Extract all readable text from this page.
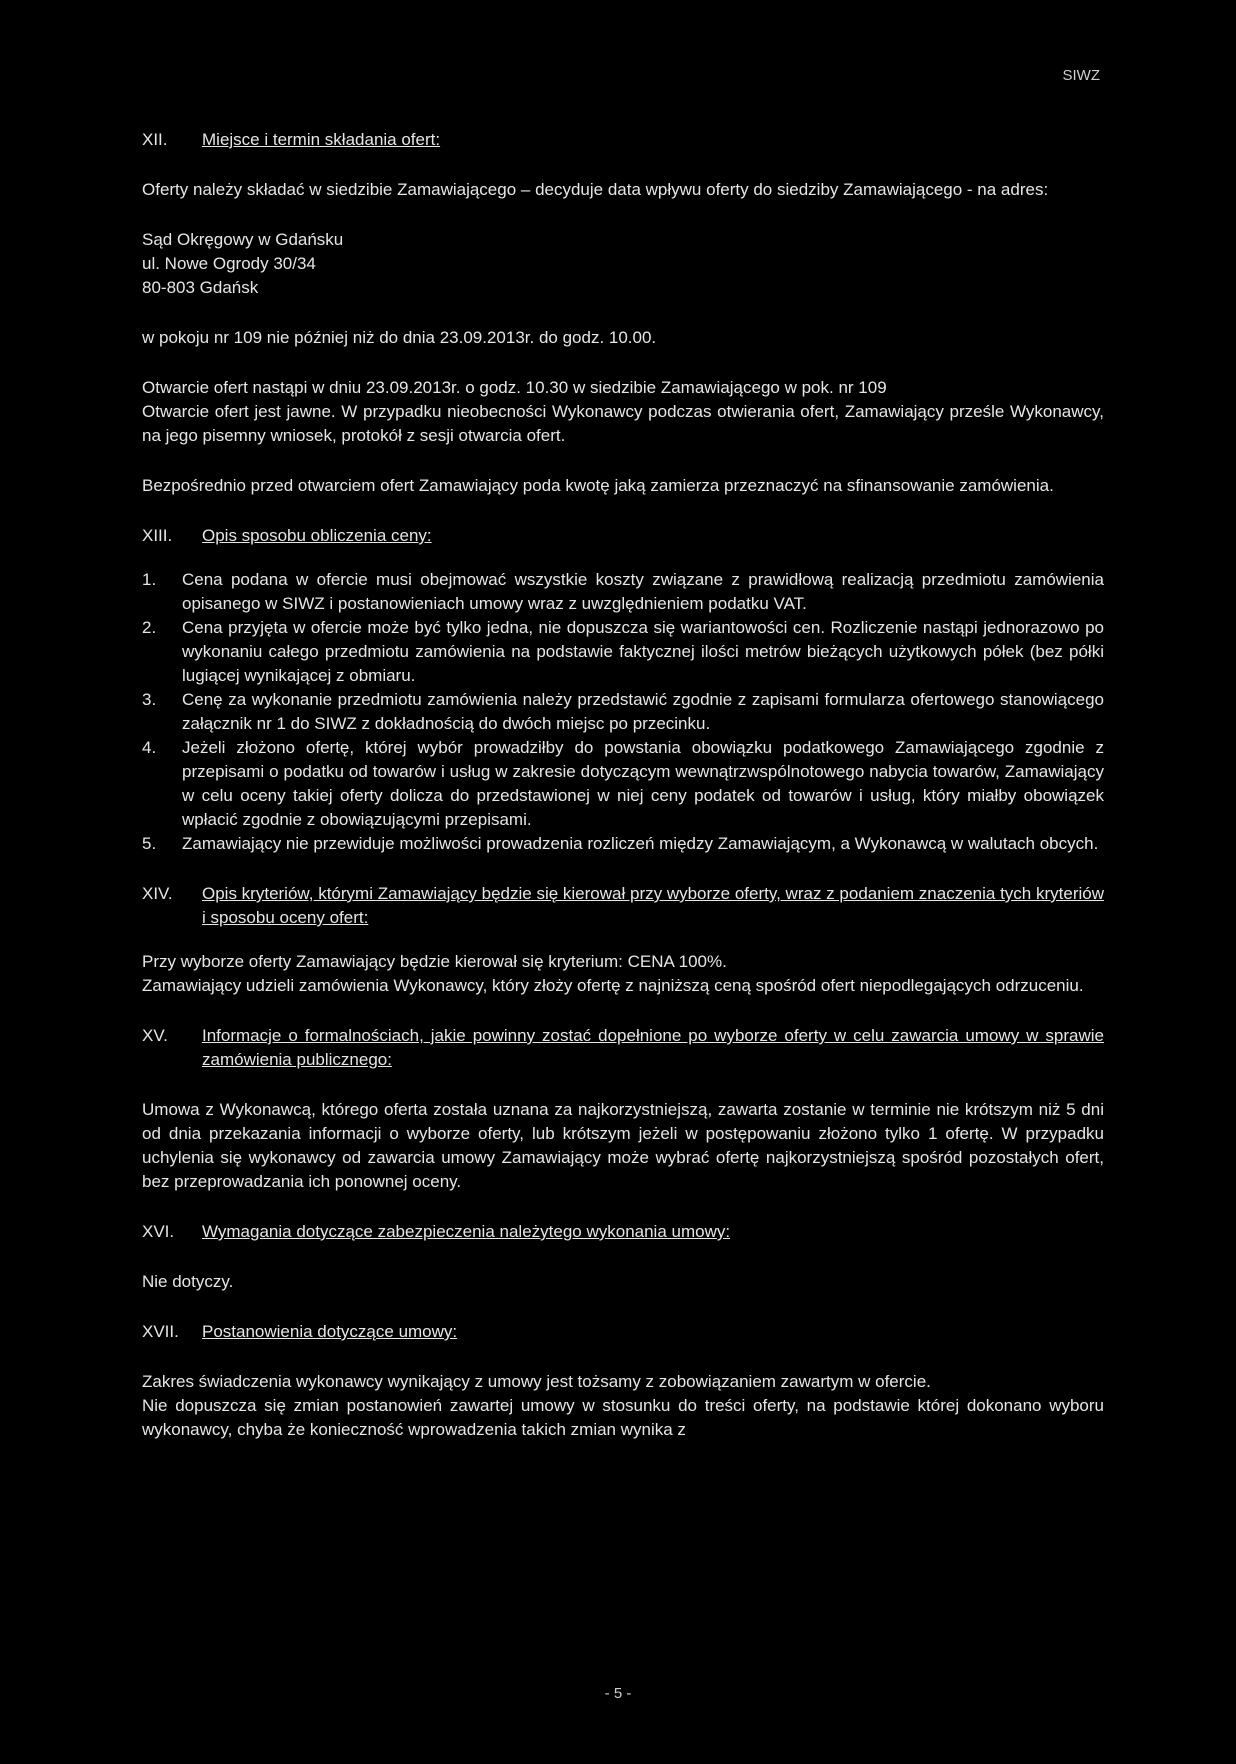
SIWZ
XII.	Miejsce i termin składania ofert:

Oferty należy składać w siedzibie Zamawiającego – decyduje data wpływu oferty do siedziby Zamawiającego - na adres:

Sąd Okręgowy w Gdańsku

ul. Nowe Ogrody 30/34

80-803 Gdańsk

w pokoju nr 109 nie później niż do dnia 23.09.2013r. do godz. 10.00.

Otwarcie ofert nastąpi w dniu 23.09.2013r. o godz. 10.30 w siedzibie Zamawiającego w pok. nr 109

Otwarcie ofert jest jawne. W przypadku nieobecności Wykonawcy podczas otwierania ofert, Zamawiający prześle Wykonawcy, na jego pisemny wniosek, protokół z sesji otwarcia ofert.

Bezpośrednio przed otwarciem ofert Zamawiający poda kwotę jaką zamierza przeznaczyć na sfinansowanie zamówienia.

XIII.	Opis sposobu obliczenia ceny:
1.	Cena podana w ofercie musi obejmować wszystkie koszty związane z prawidłową realizacją przedmiotu zamówienia opisanego w SIWZ i postanowieniach umowy wraz z uwzględnieniem podatku VAT.
2.	Cena przyjęta w ofercie może być tylko jedna, nie dopuszcza się wariantowości cen. Rozliczenie nastąpi jednorazowo po wykonaniu całego przedmiotu zamówienia na podstawie faktycznej ilości metrów bieżących użytkowych półek (bez półki lugiącej wynikającej z obmiaru.
3.	Cenę za wykonanie przedmiotu zamówienia należy przedstawić zgodnie z zapisami formularza ofertowego stanowiącego załącznik nr 1 do SIWZ z dokładnością do dwóch miejsc po przecinku.
4.	Jeżeli złożono ofertę, której wybór prowadziłby do powstania obowiązku podatkowego Zamawiającego zgodnie z przepisami o podatku od towarów i usług w zakresie dotyczącym wewnątrzwspólnotowego nabycia towarów, Zamawiający w celu oceny takiej oferty dolicza do przedstawionej w niej ceny podatek od towarów i usług, który miałby obowiązek wpłacić zgodnie z obowiązującymi przepisami.
5.	Zamawiający nie przewiduje możliwości prowadzenia rozliczeń między Zamawiającym, a Wykonawcą w walutach obcych.
XIV.	Opis kryteriów, którymi Zamawiający będzie się kierował przy wyborze oferty, wraz z podaniem znaczenia tych kryteriów i sposobu oceny ofert:

Przy wyborze oferty Zamawiający będzie kierował się kryterium: CENA 100%.

Zamawiający udzieli zamówienia Wykonawcy, który złoży ofertę z najniższą ceną spośród ofert niepodlegających odrzuceniu.

XV.	Informacje o formalnościach, jakie powinny zostać dopełnione po wyborze oferty w celu zawarcia umowy w sprawie zamówienia publicznego:

Umowa z Wykonawcą, którego oferta została uznana za najkorzystniejszą, zawarta zostanie w terminie nie krótszym niż 5 dni od dnia przekazania informacji o wyborze oferty, lub krótszym jeżeli w postępowaniu złożono tylko 1 ofertę. W przypadku uchylenia się wykonawcy od zawarcia umowy Zamawiający może wybrać ofertę najkorzystniejszą spośród pozostałych ofert, bez przeprowadzania ich ponownej oceny.

XVI.	Wymagania dotyczące zabezpieczenia należytego wykonania umowy:

Nie dotyczy.

XVII.	Postanowienia dotyczące umowy:

Zakres świadczenia wykonawcy wynikający z umowy jest tożsamy z zobowiązaniem zawartym w ofercie.

Nie dopuszcza się zmian postanowień zawartej umowy w stosunku do treści oferty, na podstawie której dokonano wyboru wykonawcy, chyba że konieczność wprowadzenia takich zmian wynika z

- 5 -
